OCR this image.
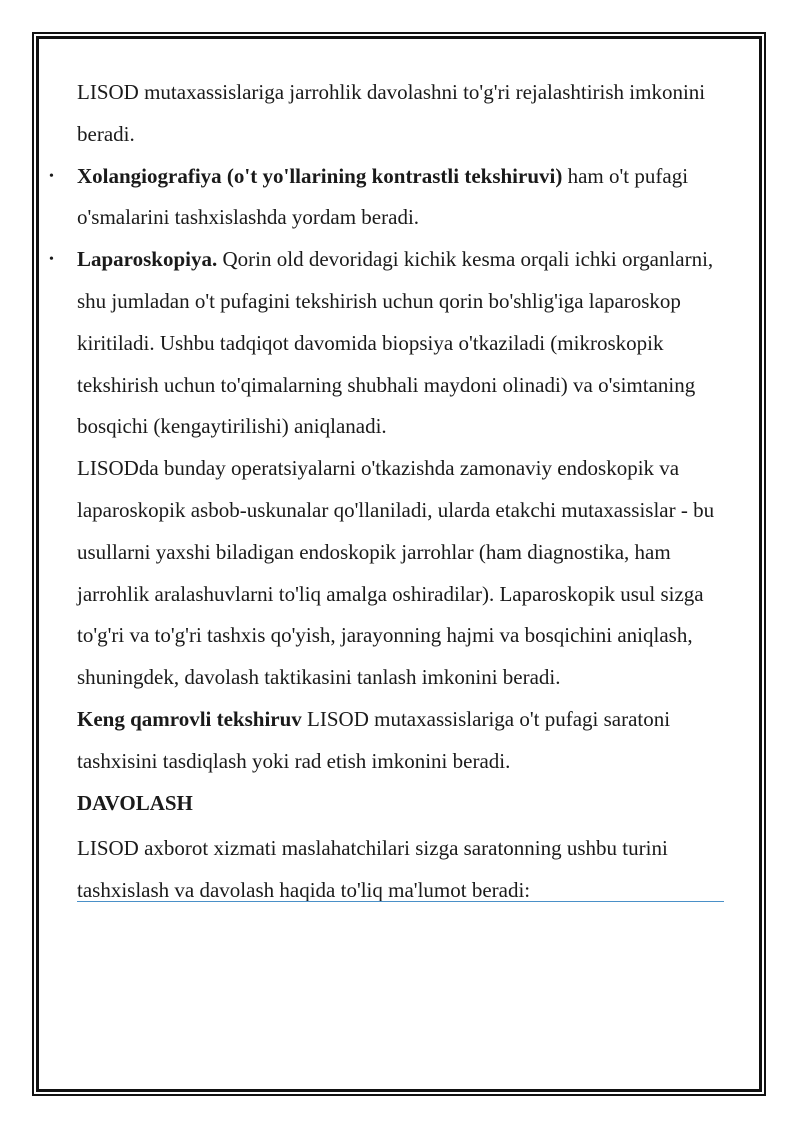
LISOD mutaxassislariga jarrohlik davolashni to'g'ri rejalashtirish imkonini beradi.

• Xolangiografiya (o't yo'llarining kontrastli tekshiruvi) ham o't pufagi o'smalarini tashxislashda yordam beradi.

• Laparoskopiya. Qorin old devoridagi kichik kesma orqali ichki organlarni, shu jumladan o't pufagini tekshirish uchun qorin bo'shlig'iga laparoskop kiritiladi. Ushbu tadqiqot davomida biopsiya o'tkaziladi (mikroskopik tekshirish uchun to'qimalarning shubhali maydoni olinadi) va o'simtaning bosqichi (kengaytirilishi) aniqlanadi.

LISODda bunday operatsiyalarni o'tkazishda zamonaviy endoskopik va laparoskopik asbob-uskunalar qo'llaniladi, ularda etakchi mutaxassislar - bu usullarni yaxshi biladigan endoskopik jarrohlar (ham diagnostika, ham jarrohlik aralashuvlarni to'liq amalga oshiradilar). Laparoskopik usul sizga to'g'ri va to'g'ri tashxis qo'yish, jarayonning hajmi va bosqichini aniqlash, shuningdek, davolash taktikasini tanlash imkonini beradi.

Keng qamrovli tekshiruv LISOD mutaxassislariga o't pufagi saratoni tashxisini tasdiqlash yoki rad etish imkonini beradi.

DAVOLASH

LISOD axborot xizmati maslahatchilari sizga saratonning ushbu turini tashxislash va davolash haqida to'liq ma'lumot beradi:
